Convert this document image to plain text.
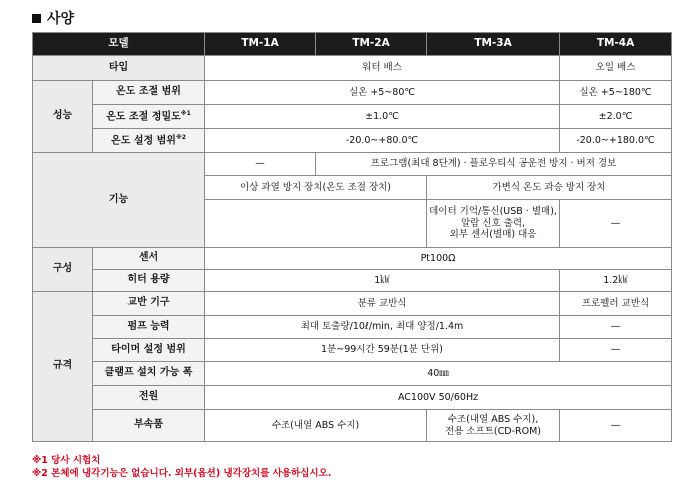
사양
모델		TM-1A	TM-2A	TM-3A	TM-4A
타입		워터 배스			오일 배스
성능	온도 조절 범위	실온 +5~80℃			실온 +5~180℃
	온도 조절 정밀도$^{※1}$	±1.0℃			±2.0℃
	온도 설정 범위$^{※2}$	-20.0~+80.0℃			-20.0~+180.0℃
기능		—	프로그램(최대 8단계) · 플로우티식 공운전 방지 · 버저 경보		
		이상 과열 방지 장치(온도 조절 장치)		가변식 온도 과승 방지 장치	
				데이터 기억/통신(USB · 별매),
알람 신호 출력,
외부 센서(별매) 대응	—
구성	센서	Pt100Ω			
	히터 용량	1㎾			1.2㎾
규격	교반 기구	분류 교반식			프로펠러 교반식
	펌프 능력	최대 토출량/10ℓ/min, 최대 양정/1.4m			—
	타이머 설정 범위	1분~99시간 59분(1분 단위)			—
	클램프 설치 가능 폭	40㎜			
	전원	AC100V 50/60Hz			
	부속품	수조(내열 ABS 수지)		수조(내열 ABS 수지),
전용 소프트(CD-ROM)	—
※1 당사 시험치
※2 본체에 냉각기능은 없습니다. 외부(옵션) 냉각장치를 사용하십시오.
